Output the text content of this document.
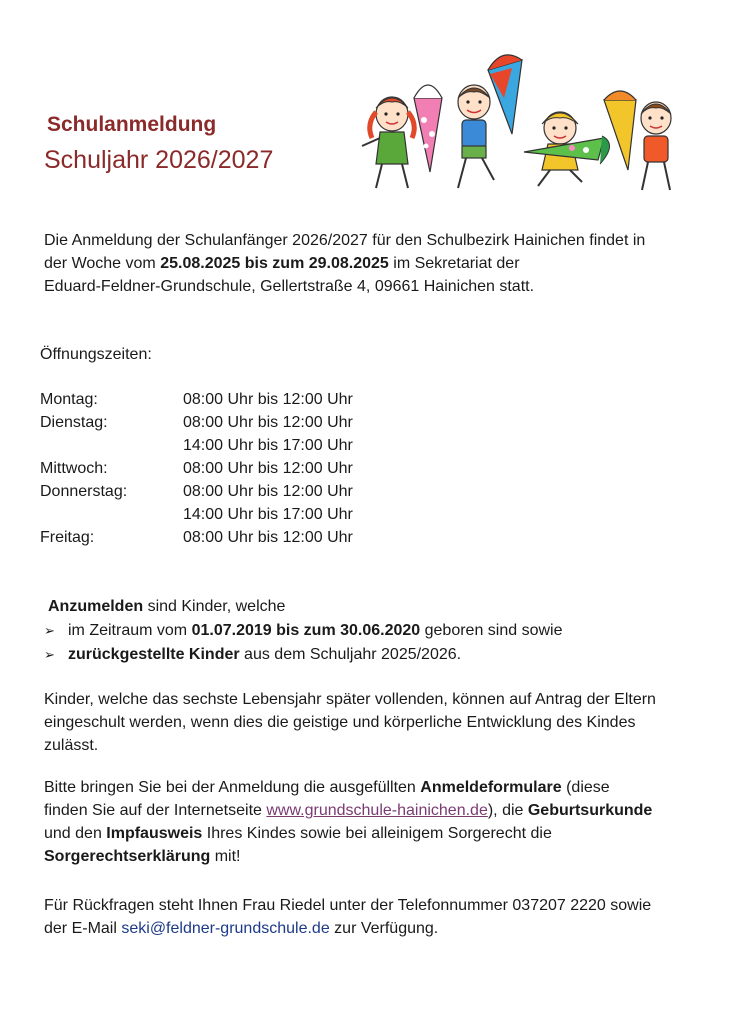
Schulanmeldung
Schuljahr 2026/2027
Die Anmeldung der Schulanfänger 2026/2027 für den Schulbezirk Hainichen findet in
der Woche vom 25.08.2025 bis zum 29.08.2025 im Sekretariat der
Eduard-Feldner-Grundschule, Gellertstraße 4, 09661 Hainichen statt.
Öffnungszeiten:
Montag:	08:00 Uhr bis 12:00 Uhr
Dienstag:	08:00 Uhr bis 12:00 Uhr
14:00 Uhr bis 17:00 Uhr
Mittwoch:	08:00 Uhr bis 12:00 Uhr
Donnerstag:	08:00 Uhr bis 12:00 Uhr
14:00 Uhr bis 17:00 Uhr
Freitag:	08:00 Uhr bis 12:00 Uhr
Anzumelden sind Kinder, welche
➢ im Zeitraum vom 01.07.2019 bis zum 30.06.2020 geboren sind sowie
➢ zurückgestellte Kinder aus dem Schuljahr 2025/2026.
Kinder, welche das sechste Lebensjahr später vollenden, können auf Antrag der Eltern
eingeschult werden, wenn dies die geistige und körperliche Entwicklung des Kindes
zulässt.
Bitte bringen Sie bei der Anmeldung die ausgefüllten Anmeldeformulare (diese
finden Sie auf der Internetseite www.grundschule-hainichen.de), die Geburtsurkunde
und den Impfausweis Ihres Kindes sowie bei alleinigem Sorgerecht die
Sorgerechtserklärung mit!
Für Rückfragen steht Ihnen Frau Riedel unter der Telefonnummer 037207 2220 sowie
der E-Mail seki@feldner-grundschule.de zur Verfügung.
